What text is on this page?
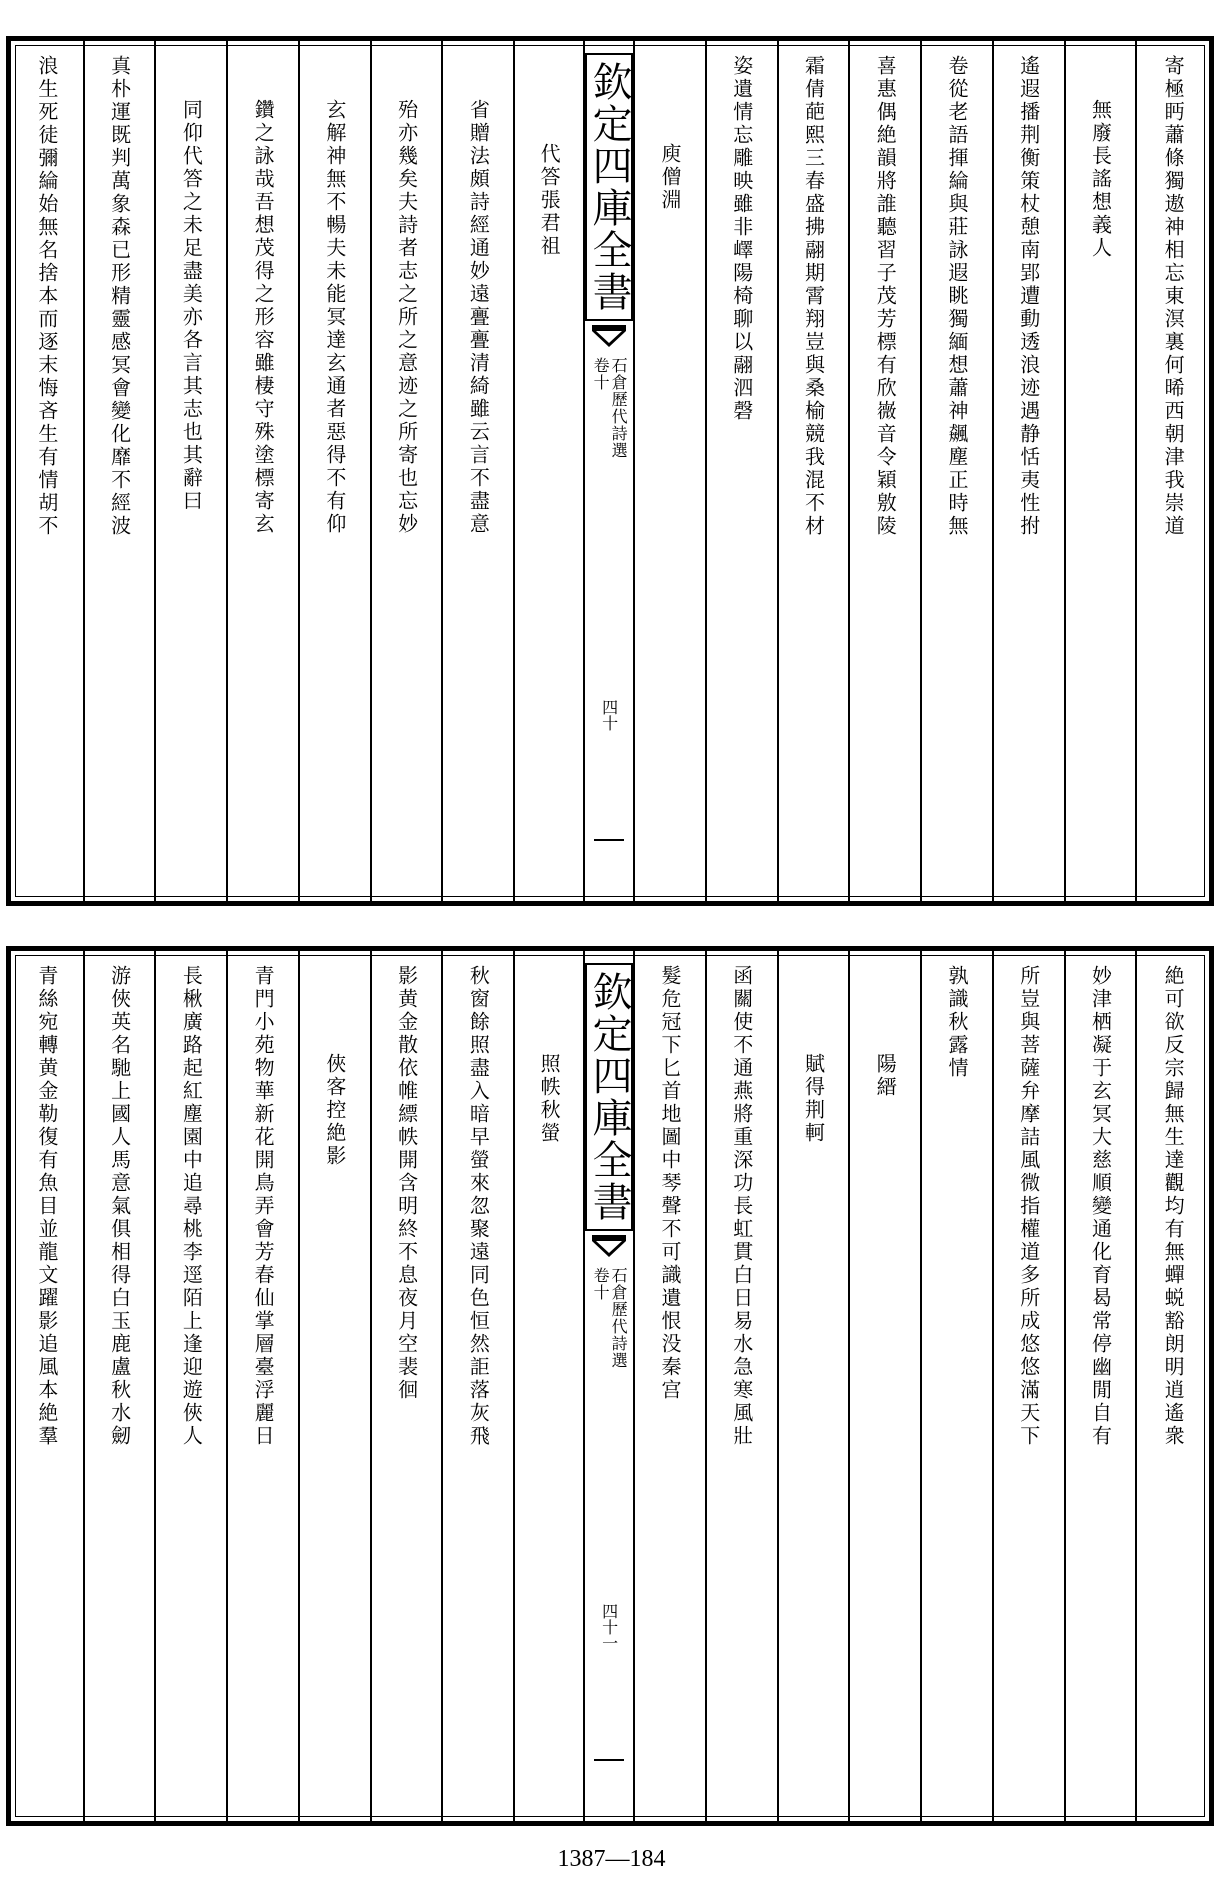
寄極眄蕭條獨遨神相忘東溟裏何晞西朝津我崇道
無廢長謠想義人
遙遐播荆衡策杖憩南郢遭動透浪迹遇静恬夷性拊
卷從老語揮綸與莊詠遐眺獨緬想蕭神飆塵正時無
喜惠偶絶韻將誰聽習子茂芳標有欣嶶音令穎敫陵
霜倩葩熙三春盛拂翮期霄翔豈與桑榆競我混不材
姿遺情忘雕映雖非嶧陽椅聊以翮泗磬
庾僧淵
欽定四庫全書
石倉歷代詩選
卷十
四十
代答張君祖
省贈法頗詩經通妙遠亹亹清綺雖云言不盡意
殆亦幾矣夫詩者志之所之意迹之所寄也忘妙
玄解神無不暢夫未能冥達玄通者惡得不有仰
鑽之詠哉吾想茂得之形容雖棲守殊塗標寄玄
同仰代答之未足盡美亦各言其志也其辭曰
真朴運既判萬象森已形精靈感冥會變化靡不經波
浪生死徒彌綸始無名捨本而逐末悔吝生有情胡不
絶可欲反宗歸無生達觀均有無蟬蜕豁朗明逍遙衆
妙津栖凝于玄冥大慈順變通化育曷常停幽閒自有
所豈與菩薩弁摩詰風微指權道多所成悠悠滿天下
孰識秋露情
陽縉
賦得荆軻
函關使不通燕將重深功長虹貫白日易水急寒風壯
髮危冠下匕首地圖中琴聲不可識遺恨没秦宫
欽定四庫全書
石倉歷代詩選
卷十
四十一
照帙秋螢
秋窗餘照盡入暗早螢來忽聚遠同色恒然詎落灰飛
影黄金散依帷縹帙開含明終不息夜月空裴徊
俠客控絶影
青門小苑物華新花開鳥弄會芳春仙掌層臺浮麗日
長楸廣路起紅塵園中追尋桃李逕陌上逢迎遊俠人
游俠英名馳上國人馬意氣俱相得白玉鹿盧秋水劒
青絲宛轉黄金勒復有魚目並龍文躍影追風本絶羣
1387—184
